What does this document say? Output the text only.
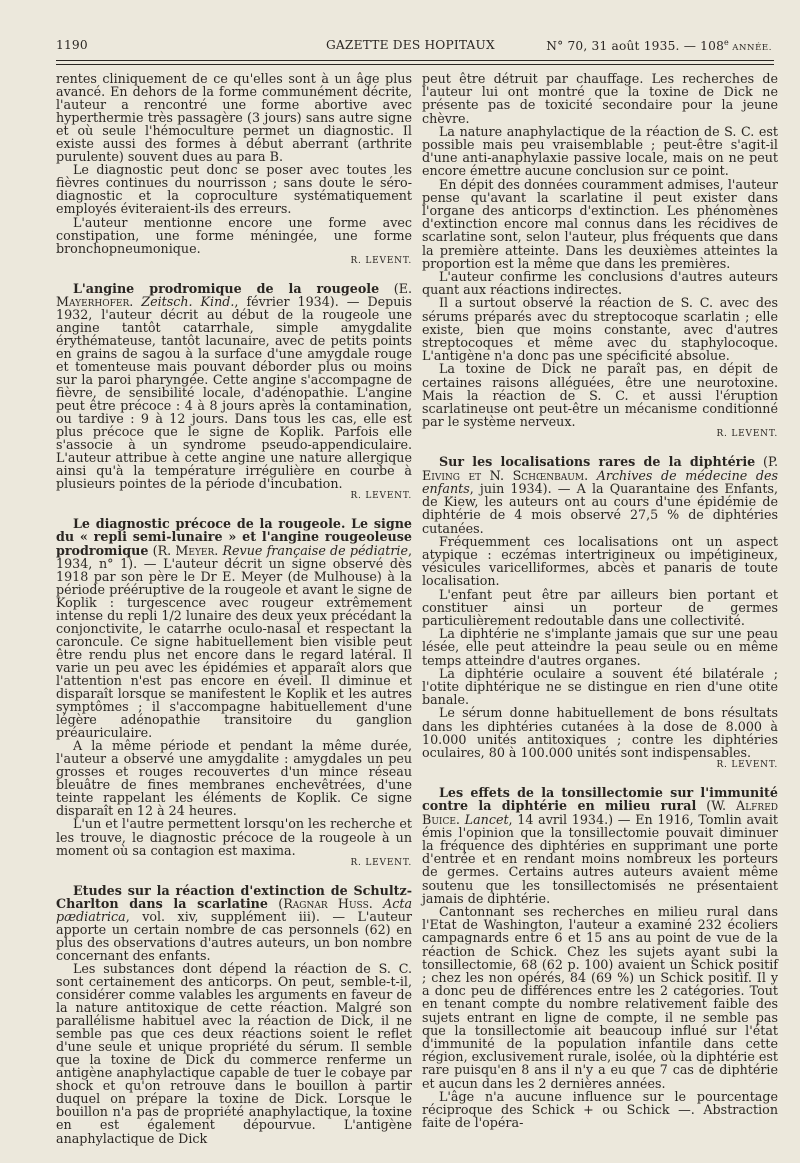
1190	GAZETTE DES HOPITAUX	N° 70, 31 août 1935. — 108e ANNÉE.

rentes cliniquement de ce qu'elles sont à un âge plus avancé. En dehors de la forme communément décrite, l'auteur a rencontré une forme abortive avec hyperthermie très passagère (3 jours) sans autre signe et où seule l'hémoculture permet un diagnostic. Il existe aussi des formes à début aberrant (arthrite purulente) souvent dues au para B.

Le diagnostic peut donc se poser avec toutes les fièvres continues du nourrisson ; sans doute le séro-diagnostic et la coproculture systématiquement employés éviteraient-ils des erreurs.

L'auteur mentionne encore une forme avec constipation, une forme méningée, une forme bronchopneumonique.

R. LEVENT.

L'angine prodromique de la rougeole (E. Mayerhofer. Zeitsch. Kind., février 1934). — Depuis 1932, l'auteur décrit au début de la rougeole une angine tantôt catarrhale, simple amygdalite érythémateuse, tantôt lacunaire, avec de petits points en grains de sagou à la surface d'une amygdale rouge et tomenteuse mais pouvant déborder plus ou moins sur la paroi pharyngée. Cette angine s'accompagne de fièvre, de sensibilité locale, d'adénopathie. L'angine peut être précoce : 4 à 8 jours après la contamination, ou tardive : 9 à 12 jours. Dans tous les cas, elle est plus précoce que le signe de Koplik. Parfois elle s'associe à un syndrome pseudo-appendiculaire. L'auteur attribue à cette angine une nature allergique ainsi qu'à la température irrégulière en courbe à plusieurs pointes de la période d'incubation.

R. LEVENT.

Le diagnostic précoce de la rougeole. Le signe du « repli semi-lunaire » et l'angine rougeoleuse prodromique (R. Meyer. Revue française de pédiatrie, 1934, n° 1). — L'auteur décrit un signe observé dès 1918 par son père le Dr E. Meyer (de Mulhouse) à la période prééruptive de la rougeole et avant le signe de Koplik : turgescence avec rougeur extrêmement intense du repli 1/2 lunaire des deux yeux précédant la conjonctivite, le catarrhe oculo-nasal et respectant la caroncule. Ce signe habituellement bien visible peut être rendu plus net encore dans le regard latéral. Il varie un peu avec les épidémies et apparaît alors que l'attention n'est pas encore en éveil. Il diminue et disparaît lorsque se manifestent le Koplik et les autres symptômes ; il s'accompagne habituellement d'une légère adénopathie transitoire du ganglion préauriculaire.

A la même période et pendant la même durée, l'auteur a observé une amygdalite : amygdales un peu grosses et rouges recouvertes d'un mince réseau bleuâtre de fines membranes enchevêtrées, d'une teinte rappelant les éléments de Koplik. Ce signe disparaît en 12 à 24 heures.

L'un et l'autre permettent lorsqu'on les recherche et les trouve, le diagnostic précoce de la rougeole à un moment où sa contagion est maxima.

R. LEVENT.

Etudes sur la réaction d'extinction de Schultz-Charlton dans la scarlatine (Ragnar Huss. Acta pædiatrica, vol. xiv, supplément iii). — L'auteur apporte un certain nombre de cas personnels (62) en plus des observations d'autres auteurs, un bon nombre concernant des enfants.

Les substances dont dépend la réaction de S. C. sont certainement des anticorps. On peut, semble-t-il, considérer comme valables les arguments en faveur de la nature antitoxique de cette réaction. Malgré son parallélisme habituel avec la réaction de Dick, il ne semble pas que ces deux réactions soient le reflet d'une seule et unique propriété du sérum. Il semble que la toxine de Dick du commerce renferme un antigène anaphylactique capable de tuer le cobaye par shock et qu'on retrouve dans le bouillon à partir duquel on prépare la toxine de Dick. Lorsque le bouillon n'a pas de propriété anaphylactique, la toxine en est également dépourvue. L'antigène anaphylactique de Dick

peut être détruit par chauffage. Les recherches de l'auteur lui ont montré que la toxine de Dick ne présente pas de toxicité secondaire pour la jeune chèvre.

La nature anaphylactique de la réaction de S. C. est possible mais peu vraisemblable ; peut-être s'agit-il d'une anti-anaphylaxie passive locale, mais on ne peut encore émettre aucune conclusion sur ce point.

En dépit des données couramment admises, l'auteur pense qu'avant la scarlatine il peut exister dans l'organe des anticorps d'extinction. Les phénomènes d'extinction encore mal connus dans les récidives de scarlatine sont, selon l'auteur, plus fréquents que dans la première atteinte. Dans les deuxièmes atteintes la proportion est la même que dans les premières.

L'auteur confirme les conclusions d'autres auteurs quant aux réactions indirectes.

Il a surtout observé la réaction de S. C. avec des sérums préparés avec du streptocoque scarlatin ; elle existe, bien que moins constante, avec d'autres streptocoques et même avec du staphylocoque. L'antigène n'a donc pas une spécificité absolue.

La toxine de Dick ne paraît pas, en dépit de certaines raisons alléguées, être une neurotoxine. Mais la réaction de S. C. et aussi l'éruption scarlatineuse ont peut-être un mécanisme conditionné par le système nerveux.

R. LEVENT.

Sur les localisations rares de la diphtérie (P. Eiving et N. Schœnbaum. Archives de médecine des enfants, juin 1934). — A la Quarantaine des Enfants, de Kiew, les auteurs ont au cours d'une épidémie de diphtérie de 4 mois observé 27,5 % de diphtéries cutanées.

Fréquemment ces localisations ont un aspect atypique : eczémas intertrigineux ou impétigineux, vésicules varicelliformes, abcès et panaris de toute localisation.

L'enfant peut être par ailleurs bien portant et constituer ainsi un porteur de germes particulièrement redoutable dans une collectivité.

La diphtérie ne s'implante jamais que sur une peau lésée, elle peut atteindre la peau seule ou en même temps atteindre d'autres organes.

La diphtérie oculaire a souvent été bilatérale ; l'otite diphtérique ne se distingue en rien d'une otite banale.

Le sérum donne habituellement de bons résultats dans les diphtéries cutanées à la dose de 8.000 à 10.000 unités antitoxiques ; contre les diphtéries oculaires, 80 à 100.000 unités sont indispensables.

R. LEVENT.

Les effets de la tonsillectomie sur l'immunité contre la diphtérie en milieu rural (W. Alfred Buice. Lancet, 14 avril 1934.) — En 1916, Tomlin avait émis l'opinion que la tonsillectomie pouvait diminuer la fréquence des diphtéries en supprimant une porte d'entrée et en rendant moins nombreux les porteurs de germes. Certains autres auteurs avaient même soutenu que les tonsillectomisés ne présentaient jamais de diphtérie.

Cantonnant ses recherches en milieu rural dans l'Etat de Washington, l'auteur a examiné 232 écoliers campagnards entre 6 et 15 ans au point de vue de la réaction de Schick. Chez les sujets ayant subi la tonsillectomie, 68 (62 p. 100) avaient un Schick positif ; chez les non opérés, 84 (69 %) un Schick positif. Il y a donc peu de différences entre les 2 catégories. Tout en tenant compte du nombre relativement faible des sujets entrant en ligne de compte, il ne semble pas que la tonsillectomie ait beaucoup influé sur l'état d'immunité de la population infantile dans cette région, exclusivement rurale, isolée, où la diphtérie est rare puisqu'en 8 ans il n'y a eu que 7 cas de diphtérie et aucun dans les 2 dernières années.

L'âge n'a aucune influence sur le pourcentage réciproque des Schick + ou Schick —. Abstraction faite de l'opéra-
